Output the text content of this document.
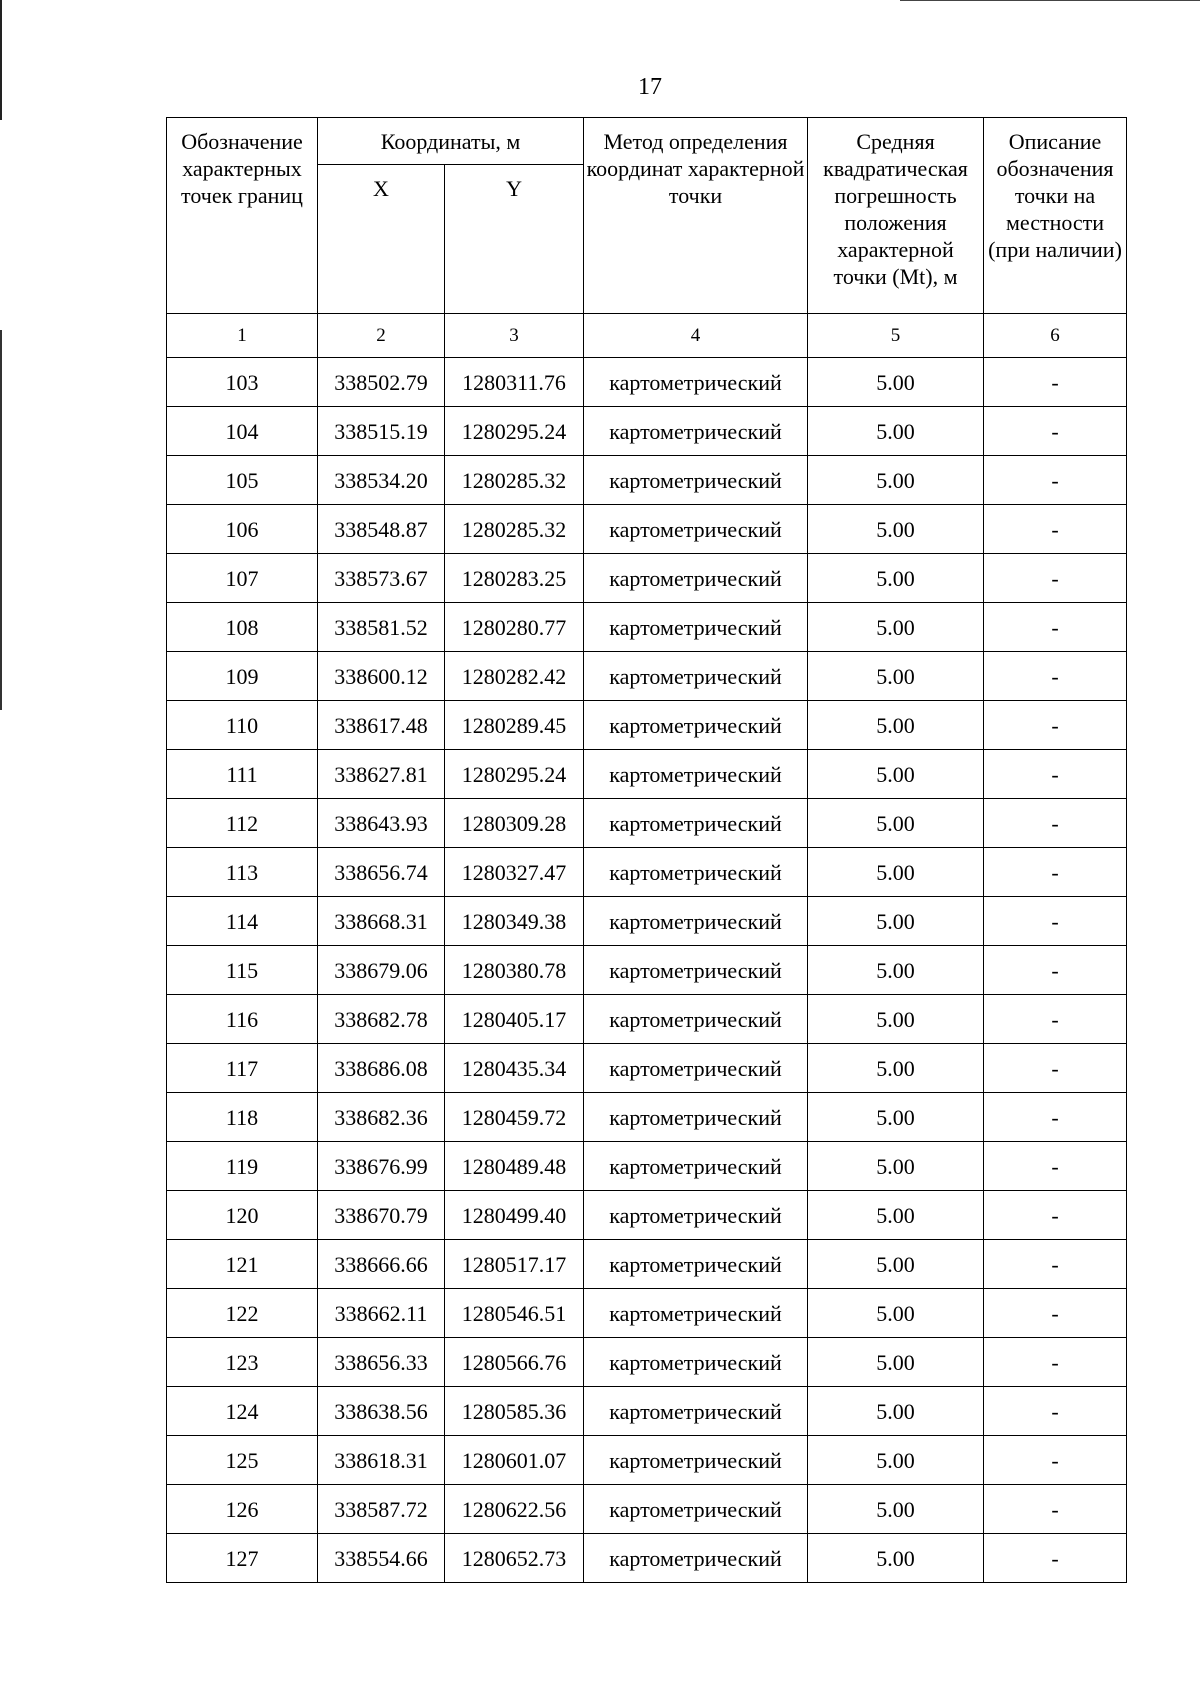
17
Обозначение характерных точек границ	Координаты, м		Метод определения координат характерной точки	Средняя квадратическая погрешность положения характерной точки (Mt), м	Описание обозначения точки на местности (при наличии)
	X	Y			
1	2	3	4	5	6
103	338502.79	1280311.76	картометрический	5.00	-
104	338515.19	1280295.24	картометрический	5.00	-
105	338534.20	1280285.32	картометрический	5.00	-
106	338548.87	1280285.32	картометрический	5.00	-
107	338573.67	1280283.25	картометрический	5.00	-
108	338581.52	1280280.77	картометрический	5.00	-
109	338600.12	1280282.42	картометрический	5.00	-
110	338617.48	1280289.45	картометрический	5.00	-
111	338627.81	1280295.24	картометрический	5.00	-
112	338643.93	1280309.28	картометрический	5.00	-
113	338656.74	1280327.47	картометрический	5.00	-
114	338668.31	1280349.38	картометрический	5.00	-
115	338679.06	1280380.78	картометрический	5.00	-
116	338682.78	1280405.17	картометрический	5.00	-
117	338686.08	1280435.34	картометрический	5.00	-
118	338682.36	1280459.72	картометрический	5.00	-
119	338676.99	1280489.48	картометрический	5.00	-
120	338670.79	1280499.40	картометрический	5.00	-
121	338666.66	1280517.17	картометрический	5.00	-
122	338662.11	1280546.51	картометрический	5.00	-
123	338656.33	1280566.76	картометрический	5.00	-
124	338638.56	1280585.36	картометрический	5.00	-
125	338618.31	1280601.07	картометрический	5.00	-
126	338587.72	1280622.56	картометрический	5.00	-
127	338554.66	1280652.73	картометрический	5.00	-
